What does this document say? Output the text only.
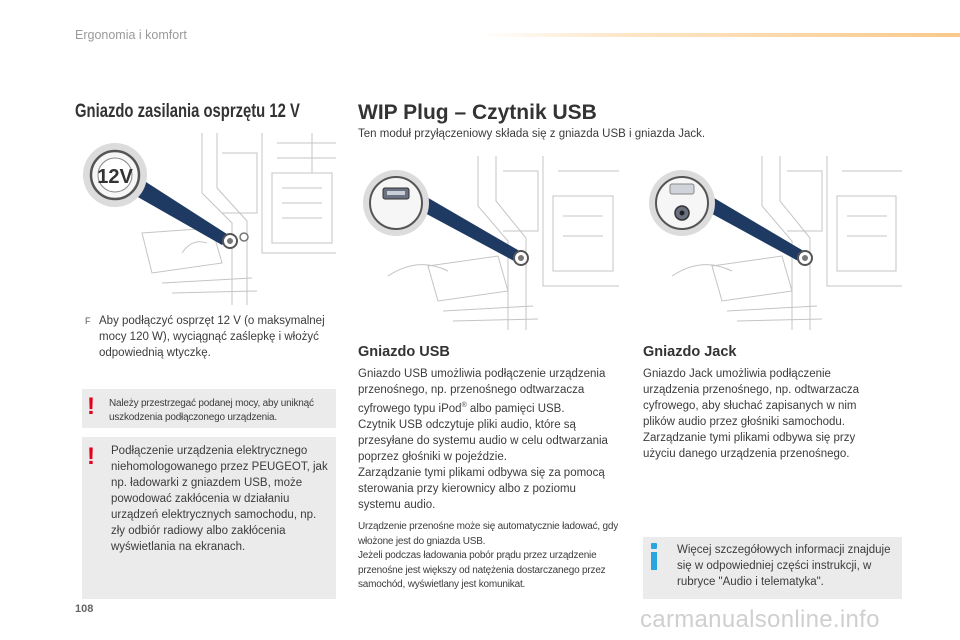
Ergonomia i komfort
Gniazdo zasilania osprzętu 12 V
12V
F Aby podłączyć osprzęt 12 V (o maksymalnej mocy 120 W), wyciągnąć zaślepkę i włożyć odpowiednią wtyczkę.
! Należy przestrzegać podanej mocy, aby uniknąć uszkodzenia podłączonego urządzenia.
! Podłączenie urządzenia elektrycznego niehomologowanego przez PEUGEOT, jak np. ładowarki z gniazdem USB, może powodować zakłócenia w działaniu urządzeń elektrycznych samochodu, np. zły odbiór radiowy albo zakłócenia wyświetlania na ekranach.
WIP Plug – Czytnik USB
Ten moduł przyłączeniowy składa się z gniazda USB i gniazda Jack.
Gniazdo USB
Gniazdo USB umożliwia podłączenie urządzenia przenośnego, np. przenośnego odtwarzacza cyfrowego typu iPod® albo pamięci USB.
Czytnik USB odczytuje pliki audio, które są przesyłane do systemu audio w celu odtwarzania poprzez głośniki w pojeździe.
Zarządzanie tymi plikami odbywa się za pomocą sterowania przy kierownicy albo z poziomu systemu audio.
Urządzenie przenośne może się automatycznie ładować, gdy włożone jest do gniazda USB.
Jeżeli podczas ładowania pobór prądu przez urządzenie przenośne jest większy od natężenia dostarczanego przez samochód, wyświetlany jest komunikat.
Gniazdo Jack
Gniazdo Jack umożliwia podłączenie urządzenia przenośnego, np. odtwarzacza cyfrowego, aby słuchać zapisanych w nim plików audio przez głośniki samochodu.
Zarządzanie tymi plikami odbywa się przy użyciu danego urządzenia przenośnego.
Więcej szczegółowych informacji znajduje się w odpowiedniej części instrukcji, w rubryce "Audio i telematyka".
108	carmanualsonline.info
